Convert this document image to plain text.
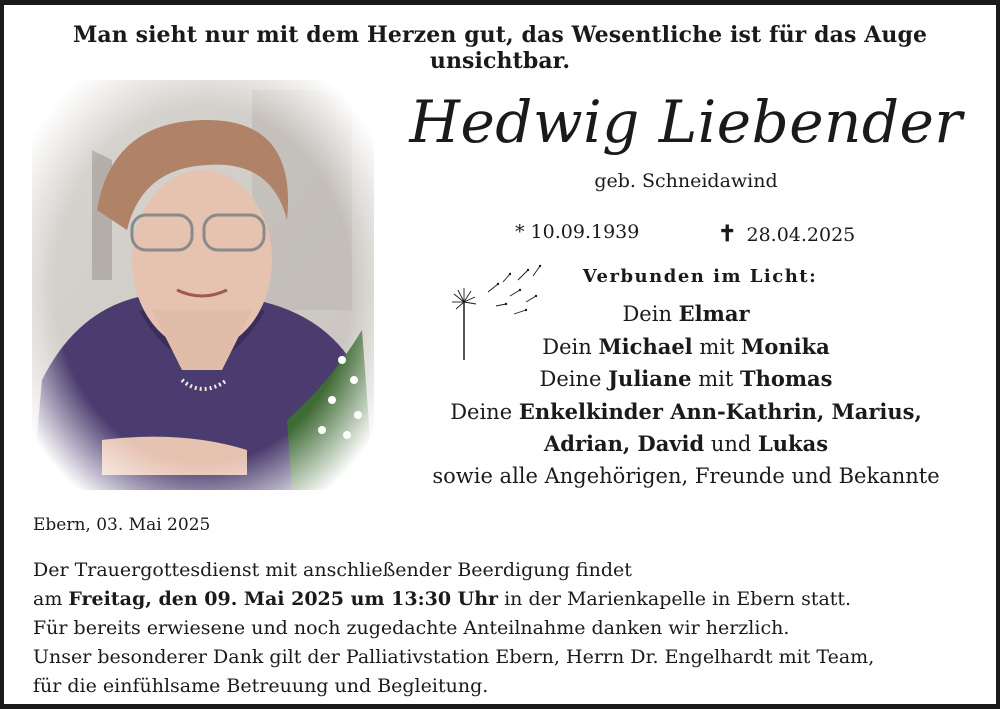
Man sieht nur mit dem Herzen gut, das Wesentliche ist für das Auge unsichtbar.
Hedwig Liebender
geb. Schneidawind
* 10.09.1939	✝ 28.04.2025
Verbunden im Licht:
Dein Elmar
Dein Michael mit Monika
Deine Juliane mit Thomas
Deine Enkelkinder Ann-Kathrin, Marius,
Adrian, David und Lukas
sowie alle Angehörigen, Freunde und Bekannte
Ebern, 03. Mai 2025
Der Trauergottesdienst mit anschließender Beerdigung findet
am Freitag, den 09. Mai 2025 um 13:30 Uhr in der Marienkapelle in Ebern statt.
Für bereits erwiesene und noch zugedachte Anteilnahme danken wir herzlich.
Unser besonderer Dank gilt der Palliativstation Ebern, Herrn Dr. Engelhardt mit Team,
für die einfühlsame Betreuung und Begleitung.
